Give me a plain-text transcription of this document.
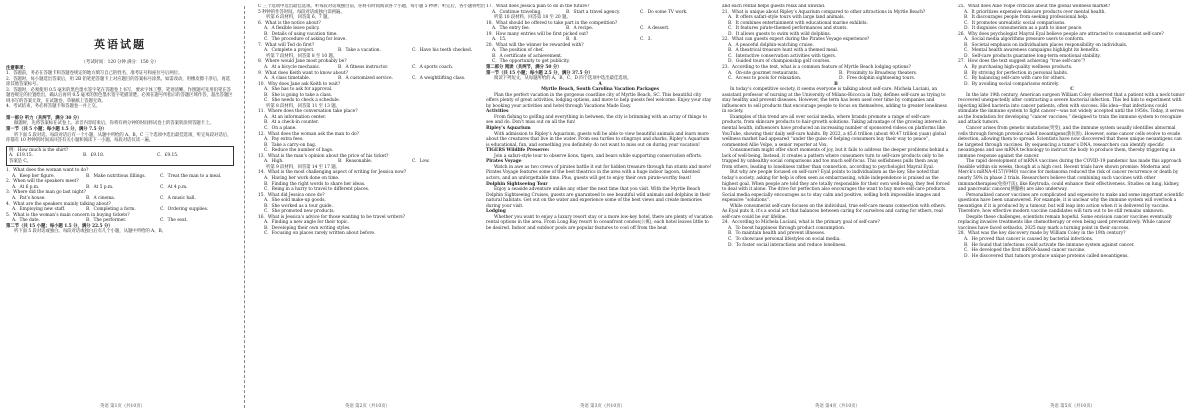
英语试题

（考试时间：120 分钟 满分：150 分）

注意事项：

1．答题前，务必在答题卡和答题卷规定的地方填写自己的姓名、准考证号和座位号后两位。

2．答题时，每小题选出答案后，用 2B 铅笔把答题卡上对应题目的答案标号涂黑。如需改动，用橡皮擦干净后，再选涂其他答案标号。

3．答题时，必须使用 0.5 毫米的黑色墨水签字笔在答题卷上书写，要求字体工整、笔迹清晰。作图题可先用铅笔在答题卷规定的位置绘出，确认后再用 0.5 毫米的黑色墨水签字笔描清楚。必须在题号所指示的答题区域作答，超出答题区域书写的答案无效，在试题卷、草稿纸上答题无效。

4．考试结束，务必将答题卡和答题卷一并上交。

第一部分 听力（共两节，满分 30 分）

做题时，先将答案标在试卷上。录音内容结束后，你将有两分钟的时间将试卷上的答案转涂到答题卡上。

第一节（共 5 小题；每小题 1.5 分，满分 7.5 分）

听下面 5 段对话。每段对话后有一个小题，从题中所给的 A、B、C 三个选项中选出最佳选项，听完每段对话后，你都有 10 秒钟的时间来回答有关小题和阅读下一小题。每段对话仅读一遍。

例：How much is the shirt?

A．£19.15.	B．£9.18.	C．£9.15.

答案是 C。

1．What does the woman want to do?

A．Keep her figure.	B．Make nutritious fillings.	C．Treat the man to a meal.

2．When will the speakers meet?

A．At 6 p.m.	B．At 5 p.m.	C．At 4 p.m.

3．Where did the man go last night?

A．Pat’s house.	B．A cinema.	C．A music hall.

4．What are the speakers mainly talking about?

A．Employing new staff.	B．Completing a form.	C．Ordering supplies.

5．What is the woman’s main concern in buying tickets?

A．The date.	B．The performer.	C．The seat.

第二节（共 15 小题；每小题 1.5 分，满分 22.5 分）

听下面 5 段对话或独白。每段对话或独白后有几个小题，从题中所给的 A、B、

英语 第1页（共10页）

C 三个选项中选出最佳选项。听每段对话或独白前，你将有时间阅读各个小题，每小题 5 秒钟；听完后，各小题将给出 5 秒钟的作答时间。每段对话或独白读两遍。

听第 6 段材料，回答第 6、7 题。

6．What is the notice about?

A．A flexible leave policy.

B．Details of using vacation time.

C．The procedure of asking for leave.

7．What will Ted do first?

A．Complete a project.	B．Take a vacation.	C．Have his teeth checked.

听第 7 段材料，回答第 8 至 10 题。

8．Where would Jane most probably be?

A．At a bicycle mechanic.	B．A fitness instructor.	C．A sports coach.

9．What does Keith want to know about?

A．A class timetable.	B．A customized service.	C．A weightlifting class.

10．Why does Jane ask Keith to wait?

A．She has to ask for approval.

B．She is going to take a class.

C．She needs to check a schedule.

听第 8 段材料，回答第 11 至 13 题。

11．Where does the conversation take place?

A．At an information center.

B．At a check-in counter.

C．On a plane.

12．What does the woman ask the man to do?

A．Pay extra fees.

B．Take a carry-on bag.

C．Reduce the number of bags.

13．What is the man’s opinion about the price of his ticket?

A．High.	B．Reasonable.	C．Low.

听第 9 段材料，回答第 14 至 17 题。

14．What is the most challenging aspect of writing for Jessica now?

A．Having her work done on time.

B．Finding the right words to share her ideas.

C．Being in a hurry to travel to different places.

15．What did Jessica once do?

A．She sold make-up goods.

B．She worked as a tour guide.

C．She promoted new products.

16．What is Jessica’s advice for those wanting to be travel writers?

A．Finding a new angle for their topic.

B．Developing their own writing styles.

C．Focusing on places rarely written about before.

英语 第2页（共10页）

17．What does Jessica plan to do in the future?

A．Continue traveling.	B．Start a travel agency.	C．Do some TV work.

听第 10 段材料，回答第 18 至 20 题。

18．What should be offered to take part in the competition?

A．The entry fee.	B．A recipe.	C．A dessert.

19．How many entries will be first picked out?

A．15.	B．8.	C．3.

20．What will the winner be rewarded with?

A．The position of chef.

B．A certificate of achievement.

C．The opportunity to get publicity.

第二部分 阅读（共两节，满分 50 分）

第一节（共 15 小题；每小题 2.5 分，满分 37.5 分）

阅读下列短文，从每题所给的 A、B、C、D 四个选项中选出最佳选项。

A

Myrtle Beach, South Carolina Vacation Packages

Plan the perfect vacation in the gorgeous coastline city of Myrtle Beach, SC. This beautiful city offers plenty of great activities, lodging options, and more to help guests feel welcome. Enjoy your stay by booking your activities and hotel through Vacations Made Easy.

Activities

From fishing to golfing and everything in between, the city is brimming with an array of things to see and do. Don’t miss out on all the fun!

Ripley’s Aquarium

With admission to Ripley’s Aquarium, guests will be able to view beautiful animals and learn more about the creatures that live in the water. From sea turtles to stingrays and sharks, Ripley’s Aquarium is educational, fun, and something you definitely do not want to miss out on during your vacation!

TIGERS Wildlife Preserve:

Join a safari-style tour to observe lions, tigers, and bears while supporting conservation efforts.

Pirates Voyage

Watch in awe as two crews of pirates battle it out for hidden treasure through fun stunts and more! Pirates Voyage features some of the best theatrics in the area with a huge indoor lagoon, talented actors, and an unforgettable time. Plus, guests will get to enjoy their own pirate-worthy feast!

Dolphin Sightseeing Tour

Enjoy a seaside adventure unlike any other the next time that you visit. With the Myrtle Beach Dolphin Sightseeing Cruises, guests are guaranteed to see beautiful wild animals and dolphins in their natural habitats. Get out on the water and experience some of the best views and create memories during your visit.

Lodging

Whether you want to enjoy a luxury resort stay or a more low-key hotel, there are plenty of vacation rental options in the area. From Long Bay resort to oceanfront condos(公寓), each hotel leaves little to be desired. Indoor and outdoor pools are popular features to cool off from the heat

英语 第3页（共10页）

and each rental helps guests relax and unwind.

21．What is unique about Ripley’s Aquarium compared to other attractions in Myrtle Beach?

A．It offers safari-style tours with large land animals.

B．It combines entertainment with educational marine exhibits.

C．It features pirate-themed performances and stunts.

D．It allows guests to swim with wild dolphins.

22．What can guests expect during the Pirates Voyage experience?

A．A peaceful dolphin-watching cruise.

B．A theatrical treasure hunt with a themed meal.

C．Interactive conservation activities with tigers.

D．Guided tours of championship golf courses.

23．According to the text, what is a common feature of Myrtle Beach lodging options?

A．On-site gourmet restaurants.	B．Proximity to Broadway theaters.
C．Access to pools for relaxation.	D．Free dolphin sightseeing tours.

B

In today’s competitive society, it seems everyone is talking about self-care. Michela Luciani, an assistant professor of nursing at the University of Milano-Bicocca in Italy, defines self-care as trying to stay healthy and prevent diseases. However, the term has been used over time by companies and influencers to sell products that encourage people to focus on themselves, adding to greater loneliness in society.

Examples of this trend are all over social media, where brands promote a range of self-care products, from skincare products to hair-growth solutions. Taking advantage of the growing interest in mental health, influencers have produced an increasing number of sponsored videos on platforms like YouTube, showing their daily self-care habits. By 2022, a $5.6 trillion (about 40.47 trillion yuan) global wellness market had appeared “under the guise of helping consumers buy their way to peace”, commented Allie Volpe, a senior reporter at Vox.

Consumerism might offer short moments of joy, but it fails to address the deeper problems behind a lack of well-being. Instead, it creates a pattern where consumers turn to self-care products only to be trapped by unhealthy social comparisons and too much self-focus. This selfishness pulls them away from others, leading to loneliness rather than connection, according to psychologist Mayral Eyal.

But why are people focused on self-care? Eyal points to individualism as the key. She noted that today’s society, asking for help is often seen as embarrassing, while independence is praised as the highest goal. When people are told they are totally responsible for their own well-being, they feel forced to deal with it alone. The drive for perfection also encourages the want to buy more self-care products. Social media especially encourages us to stay calm and positive, selling both impossible images and expensive “solutions”.

While consumerist self-care focuses on the individual, true self-care means connection with others. As Eyal puts it, it’s a social act that balances between caring for ourselves and caring for others, real self-care could be our lifeline.

24．According to Michela Luciani, what is the primary goal of self-care?

A．To boost happiness through product consumption.

B．To maintain health and prevent illnesses.

C．To showcase personal lifestyles on social media.

D．To foster social interactions and reduce loneliness.

英语 第4页（共10页）

25．What does Allie Volpe criticize about the global wellness market?

A．It prioritizes expensive skincare products over mental health.

B．It discourages people from seeking professional help.

C．It promotes unrealistic social comparisons.

D．It disguises consumerism as a path to inner peace.

26．Why does psychologist Mayral Eyal believe people are attracted to consumerist self-care?

A．Social media algorithms pressure users to conform.

B．Societal emphasis on individualism places responsibility on individuals.

C．Mental health awareness campaigns highlight its benefits.

D．Self-care products guarantee long-term emotional stability.

27．How does the text suggest achieving “true self-care”?

A．By purchasing high-quality wellness products.

B．By striving for perfection in personal habits.

C．By balancing self-care with care for others.

D．By avoiding social comparisons entirely.

C

In the late 19th century, American surgeon William Coley observed that a patient with a neck tumor recovered unexpectedly after contracting a severe bacterial infection. This led him to experiment with injecting killed bacteria into cancer patients, often with success. His idea—that infections could stimulate the immune system to fight cancer—was not widely accepted until the 1950s. Today, it serves as the foundation for developing “cancer vaccines,” designed to train the immune system to recognize and attack tumors.

Cancer arises from genetic mutations(突变), and the immune system usually identifies abnormal cells through foreign proteins called neoantigens(新抗原). However, some cancer cells evolve to evade detection, allowing them to spread. Scientists have now discovered that these unique neoantigens can be targeted through vaccines. By sequencing a tumor’s DNA, researchers can identify specific neoantigens and use mRNA technology to instruct the body to produce them, thereby triggering an immune response against the cancer.

The rapid development of mRNA vaccines during the COVID-19 pandemic has made this approach feasible within six weeks, though at a high cost. Recent trials have shown promise: Moderna and Merck’s mRNA-4157(V940) vaccine for melanoma reduced the risk of cancer recurrence or death by nearly 50% in phase 2 trials. Researchers believe that combining such vaccines with other immunotherapies(免疫疗法), like Keytruda, could enhance their effectiveness. Studies on lung, kidney, and pancreatic cancers(胰腺癌) are also underway.

Personalized cancer vaccines are complicated and expensive to make and some important scientific questions have been unanswered. For example, it is unclear why the immune system will overlook a neoantigen if it is produced by a tumour, but will leap into action when it is delivered by vaccine. Therefore, how effective modern vaccine candidates will turn out to be still remains unknown.

Despite these challenges, scientists remain hopeful. Some envision cancer vaccines eventually replacing invasive treatments like chemotherapy or even being used preventatively. While cancer vaccines have faced setbacks, 2025 may mark a turning point in their success.

28．What was the key discovery made by William Coley in the 19th century?

A．He proved that cancer is caused by bacterial infections.

B．He found that infections could activate the immune system against cancer.

C．He developed the first mRNA-based cancer vaccine.

D．He discovered that tumors produce unique proteins called neoantigens.

英语 第5页（共10页）
